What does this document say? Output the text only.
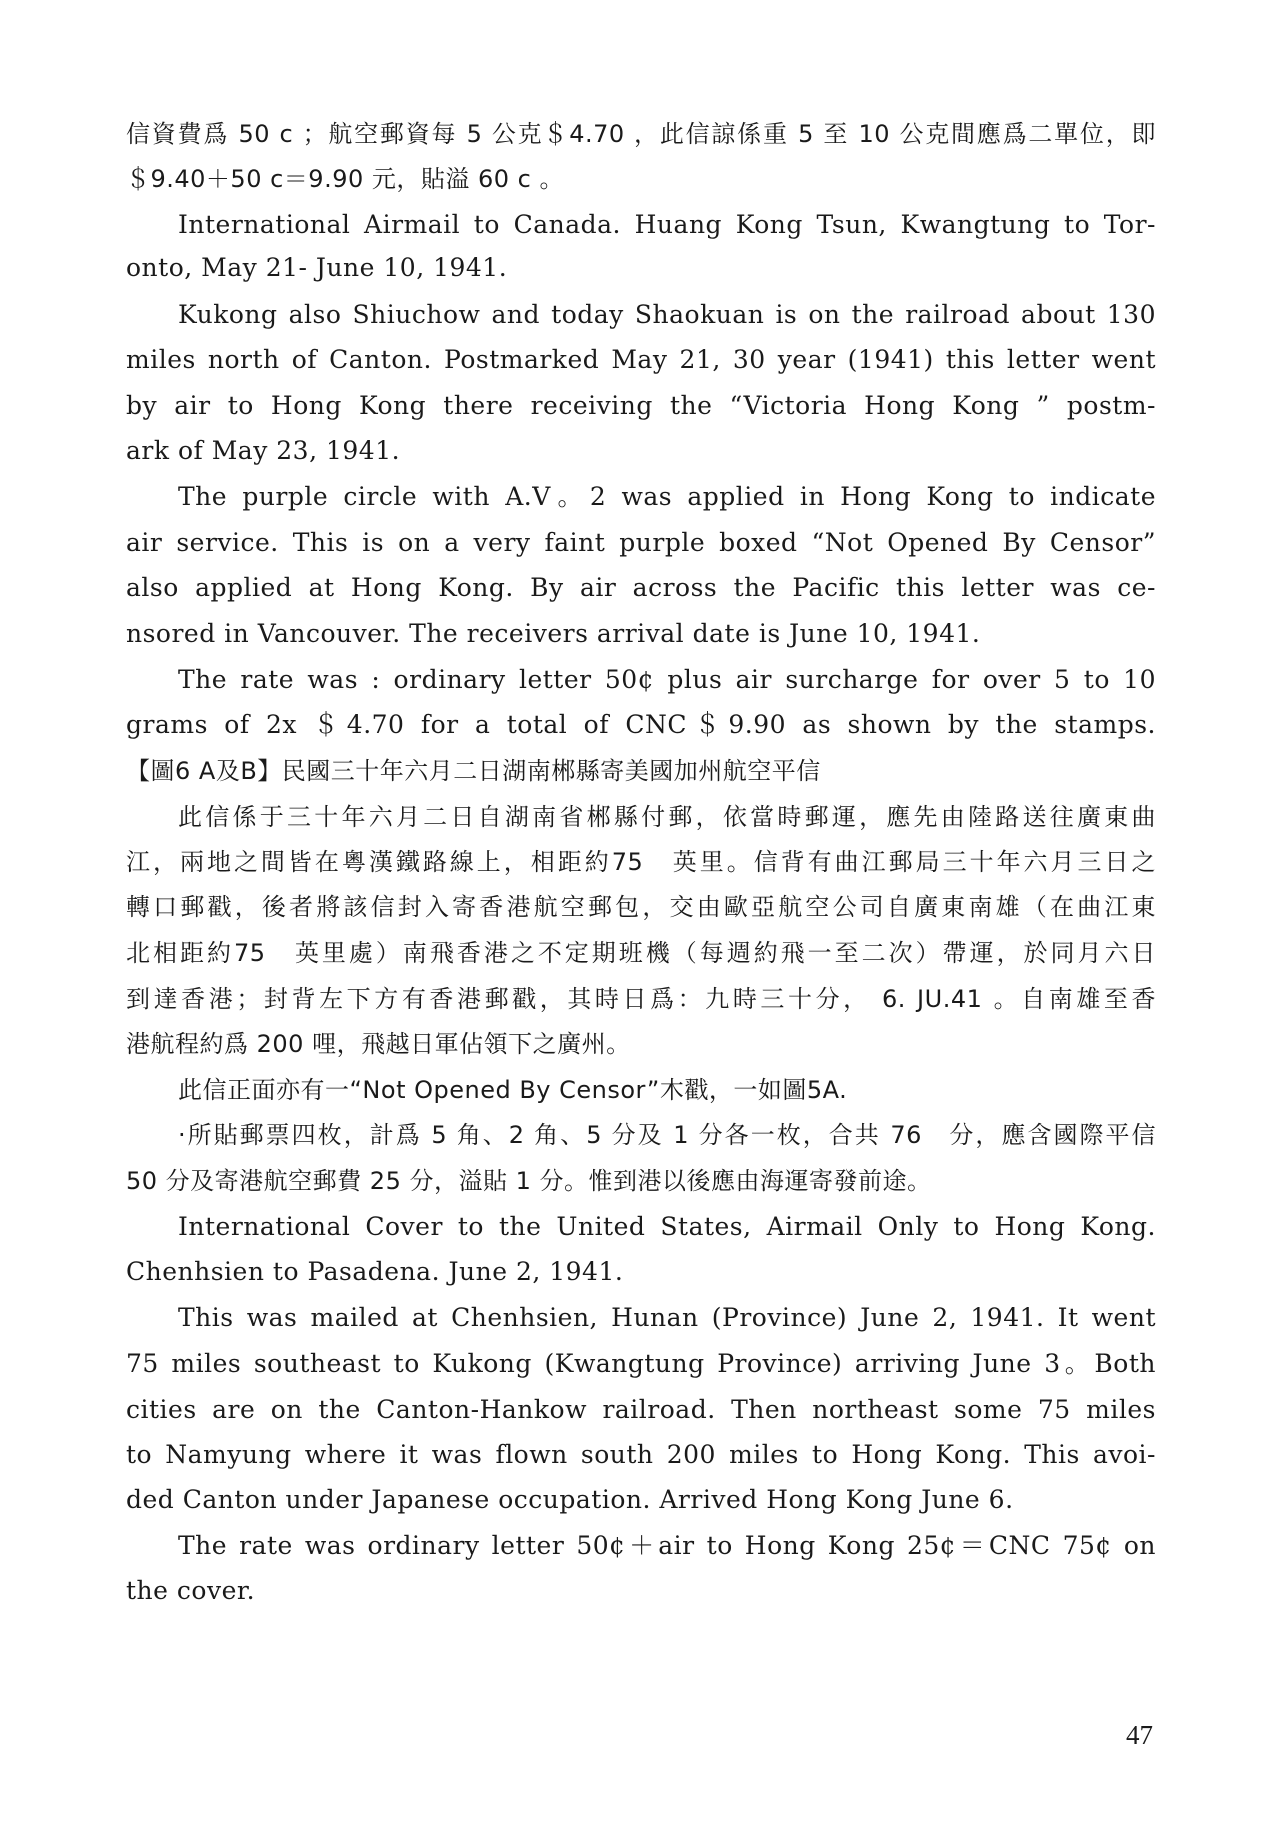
信資費爲 50 c ；航空郵資每 5 公克＄4.70 ，此信諒係重 5 至 10 公克間應爲二單位，即
＄9.40＋50 c＝9.90 元，貼溢 60 c 。
International Airmail to Canada. Huang Kong Tsun, Kwangtung to Tor-
onto, May 21- June 10, 1941.
Kukong also Shiuchow and today Shaokuan is on the railroad about 130
miles north of Canton. Postmarked May 21, 30 year (1941) this letter went
by air to Hong Kong there receiving the “Victoria Hong Kong ” postm-
ark of May 23, 1941.
The purple circle with A.V。2 was applied in Hong Kong to indicate
air service. This is on a very faint purple boxed “Not Opened By Censor”
also applied at Hong Kong. By air across the Pacific this letter was ce-
nsored in Vancouver. The receivers arrival date is June 10, 1941.
The rate was : ordinary letter 50¢ plus air surcharge for over 5 to 10
grams of 2x ＄4.70 for a total of CNC＄9.90 as shown by the stamps.
【圖6 A及B】民國三十年六月二日湖南郴縣寄美國加州航空平信
此信係于三十年六月二日自湖南省郴縣付郵，依當時郵運，應先由陸路送往廣東曲
江，兩地之間皆在粵漢鐵路線上，相距約75　英里。信背有曲江郵局三十年六月三日之
轉口郵戳，後者將該信封入寄香港航空郵包，交由歐亞航空公司自廣東南雄（在曲江東
北相距約75　英里處）南飛香港之不定期班機（每週約飛一至二次）帶運，於同月六日
到達香港；封背左下方有香港郵戳，其時日爲：九時三十分， 6. JU.41 。自南雄至香
港航程約爲 200 哩，飛越日軍佔領下之廣州。
此信正面亦有一“Not Opened By Censor”木戳，一如圖5A.
·所貼郵票四枚，計爲 5 角、2 角、5 分及 1 分各一枚，合共 76　分，應含國際平信
50 分及寄港航空郵費 25 分，溢貼 1 分。惟到港以後應由海運寄發前途。
International Cover to the United States, Airmail Only to Hong Kong.
Chenhsien to Pasadena. June 2, 1941.
This was mailed at Chenhsien, Hunan (Province) June 2, 1941. It went
75 miles southeast to Kukong (Kwangtung Province) arriving June 3。Both
cities are on the Canton-Hankow railroad. Then northeast some 75 miles
to Namyung where it was flown south 200 miles to Hong Kong. This avoi-
ded Canton under Japanese occupation. Arrived Hong Kong June 6.
The rate was ordinary letter 50¢＋air to Hong Kong 25¢＝CNC 75¢ on
the cover.
47
